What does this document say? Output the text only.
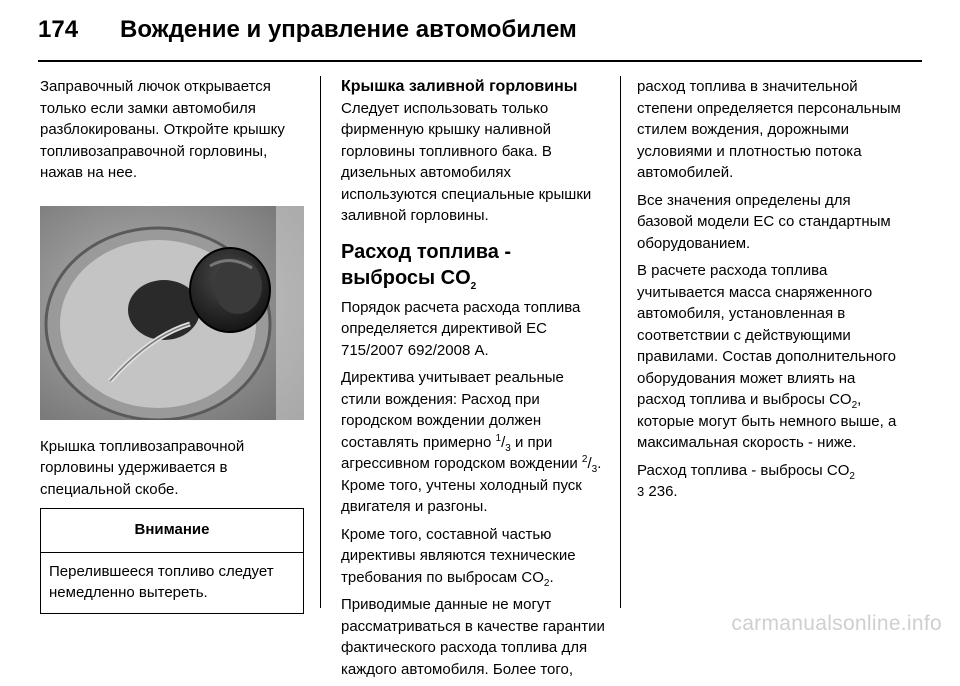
174 Вождение и управление автомобилем

Заправочный лючок открывается только если замки автомобиля разблокированы. Откройте крышку топливозаправочной горловины, нажав на нее.

Крышка топливозаправочной горловины удерживается в специальной скобе.

Внимание
Перелившееся топливо следует немедленно вытереть.
Крышка заливной горловины

Следует использовать только фирменную крышку наливной горловины топливного бака. В дизельных автомобилях используются специальные крышки заливной горловины.

Расход топлива - выбросы $CO_2$

Порядок расчета расхода топлива определяется директивой ЕС 715/2007 692/2008 A.

Директива учитывает реальные стили вождения: Расход при городском вождении должен составлять примерно $^1/_3$ и при агрессивном городском вождении $^2/_3$. Кроме того, учтены холодный пуск двигателя и разгоны.

Кроме того, составной частью директивы являются технические требования по выбросам $CO_2$.

Приводимые данные не могут рассматриваться в качестве гарантии фактического расхода топлива для каждого автомобиля. Более того,

расход топлива в значительной степени определяется персональным стилем вождения, дорожными условиями и плотностью потока автомобилей.

Все значения определены для базовой модели ЕС со стандартным оборудованием.

В расчете расхода топлива учитывается масса снаряженного автомобиля, установленная в соответствии с действующими правилами. Состав дополнительного оборудования может влиять на расход топлива и выбросы $CO_2$, которые могут быть немного выше, а максимальная скорость - ниже.

Расход топлива - выбросы $CO_2$
3 236.

carmanualsonline.info
